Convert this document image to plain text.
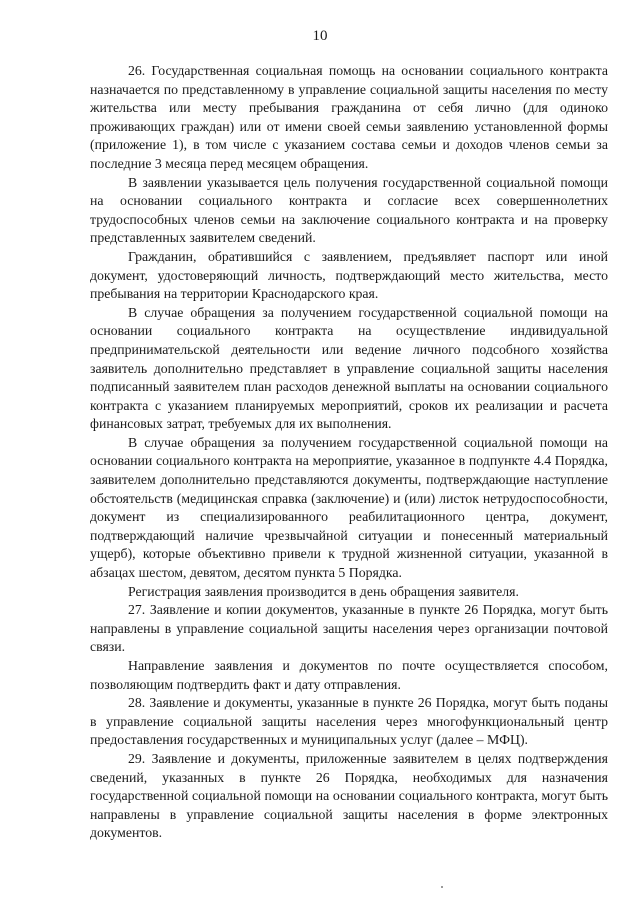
10

26. Государственная социальная помощь на основании социального контракта назначается по представленному в управление социальной защиты населения по месту жительства или месту пребывания гражданина от себя лично (для одиноко проживающих граждан) или от имени своей семьи заявлению установленной формы (приложение 1), в том числе с указанием состава семьи и доходов членов семьи за последние 3 месяца перед месяцем обращения.

В заявлении указывается цель получения государственной социальной помощи на основании социального контракта и согласие всех совершеннолетних трудоспособных членов семьи на заключение социального контракта и на проверку представленных заявителем сведений.

Гражданин, обратившийся с заявлением, предъявляет паспорт или иной документ, удостоверяющий личность, подтверждающий место жительства, место пребывания на территории Краснодарского края.

В случае обращения за получением государственной социальной помощи на основании социального контракта на осуществление индивидуальной предпринимательской деятельности или ведение личного подсобного хозяйства заявитель дополнительно представляет в управление социальной защиты населения подписанный заявителем план расходов денежной выплаты на основании социального контракта с указанием планируемых мероприятий, сроков их реализации и расчета финансовых затрат, требуемых для их выполнения.

В случае обращения за получением государственной социальной помощи на основании социального контракта на мероприятие, указанное в подпункте 4.4 Порядка, заявителем дополнительно представляются документы, подтверждающие наступление обстоятельств (медицинская справка (заключение) и (или) листок нетрудоспособности, документ из специализированного реабилитационного центра, документ, подтверждающий наличие чрезвычайной ситуации и понесенный материальный ущерб), которые объективно привели к трудной жизненной ситуации, указанной в абзацах шестом, девятом, десятом пункта 5 Порядка.

Регистрация заявления производится в день обращения заявителя.

27. Заявление и копии документов, указанные в пункте 26 Порядка, могут быть направлены в управление социальной защиты населения через организации почтовой связи.

Направление заявления и документов по почте осуществляется способом, позволяющим подтвердить факт и дату отправления.

28. Заявление и документы, указанные в пункте 26 Порядка, могут быть поданы в управление социальной защиты населения через многофункциональный центр предоставления государственных и муниципальных услуг (далее – МФЦ).

29. Заявление и документы, приложенные заявителем в целях подтверждения сведений, указанных в пункте 26 Порядка, необходимых для назначения государственной социальной помощи на основании социального контракта, могут быть направлены в управление социальной защиты населения в форме электронных документов.
